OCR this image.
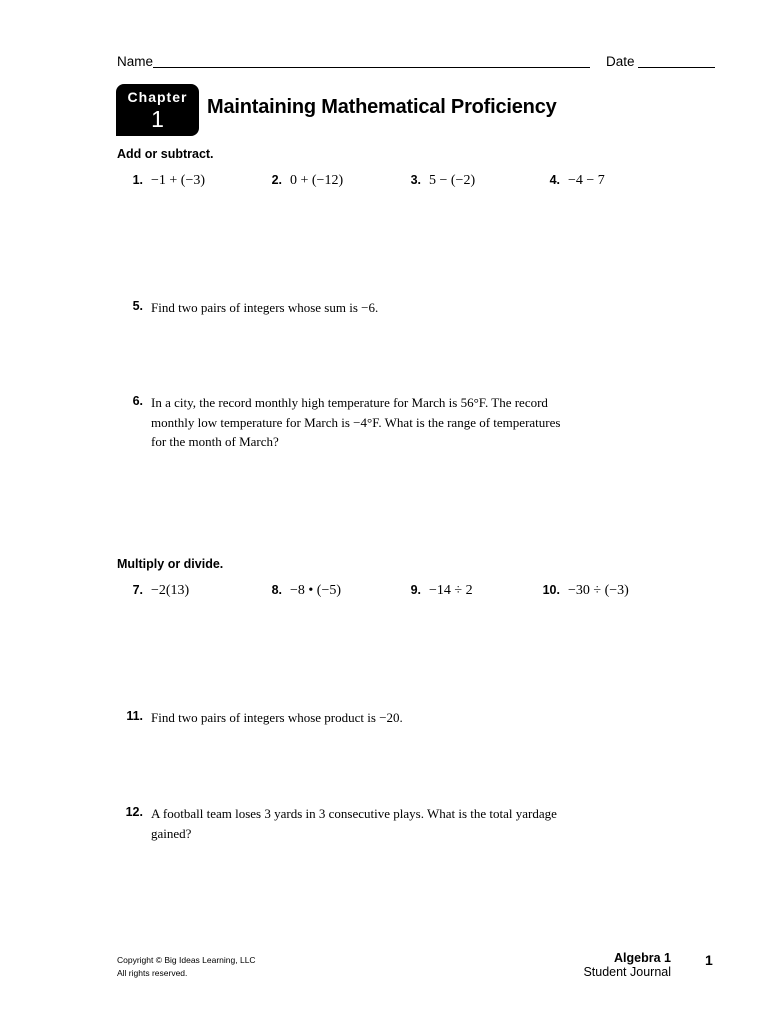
Name	Date
Chapter
1	Maintaining Mathematical Proficiency
Add or subtract.
1. −1 + (−3)	2. 0 + (−12)	3. 5 − (−2)	4. −4 − 7
5. Find two pairs of integers whose sum is −6.
6. In a city, the record monthly high temperature for March is 56°F. The record
monthly low temperature for March is −4°F. What is the range of temperatures
for the month of March?
Multiply or divide.
7. −2(13)	8. −8 • (−5)	9. −14 ÷ 2	10. −30 ÷ (−3)
11. Find two pairs of integers whose product is −20.
12. A football team loses 3 yards in 3 consecutive plays. What is the total yardage
gained?
Copyright © Big Ideas Learning, LLC
All rights reserved.
Algebra 1
Student Journal
1
